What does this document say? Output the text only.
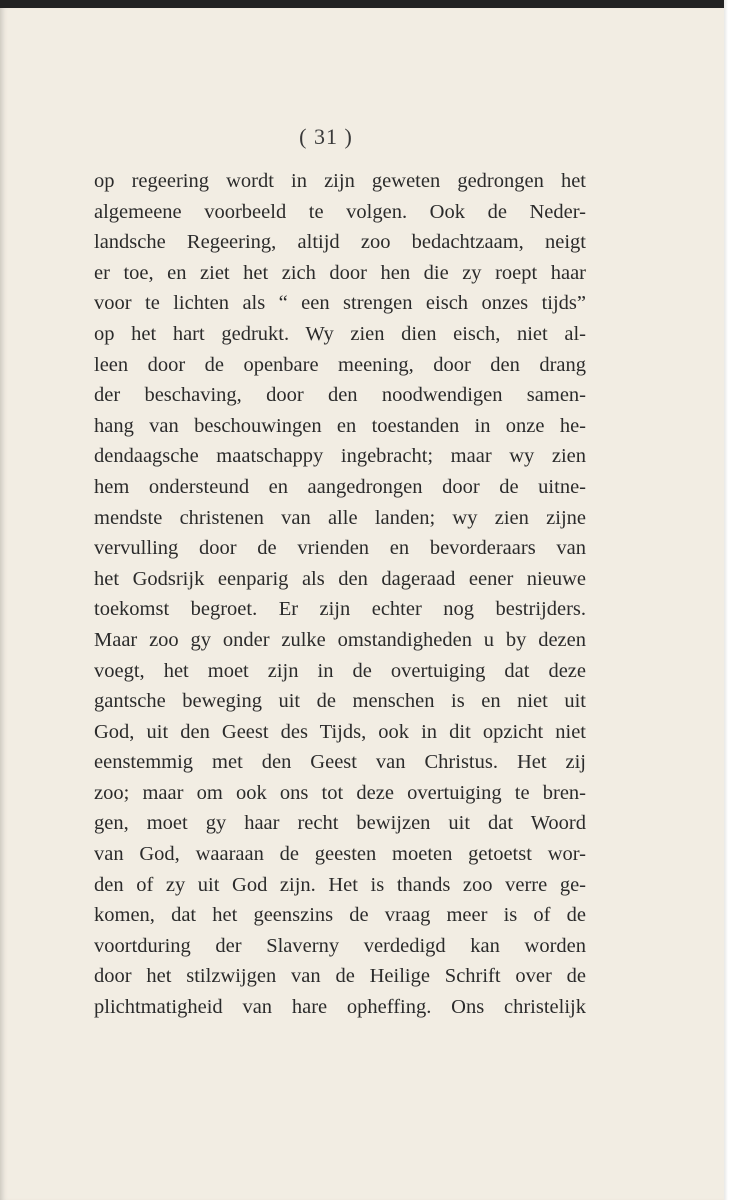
( 31 )
op regeering wordt in zijn geweten gedrongen het
algemeene voorbeeld te volgen. Ook de Neder-
landsche Regeering, altijd zoo bedachtzaam, neigt
er toe, en ziet het zich door hen die zy roept haar
voor te lichten als “ een strengen eisch onzes tijds”
op het hart gedrukt. Wy zien dien eisch, niet al-
leen door de openbare meening, door den drang
der beschaving, door den noodwendigen samen-
hang van beschouwingen en toestanden in onze he-
dendaagsche maatschappy ingebracht; maar wy zien
hem ondersteund en aangedrongen door de uitne-
mendste christenen van alle landen; wy zien zijne
vervulling door de vrienden en bevorderaars van
het Godsrijk eenparig als den dageraad eener nieuwe
toekomst begroet. Er zijn echter nog bestrijders.
Maar zoo gy onder zulke omstandigheden u by dezen
voegt, het moet zijn in de overtuiging dat deze
gantsche beweging uit de menschen is en niet uit
God, uit den Geest des Tijds, ook in dit opzicht niet
eenstemmig met den Geest van Christus. Het zij
zoo; maar om ook ons tot deze overtuiging te bren-
gen, moet gy haar recht bewijzen uit dat Woord
van God, waaraan de geesten moeten getoetst wor-
den of zy uit God zijn. Het is thands zoo verre ge-
komen, dat het geenszins de vraag meer is of de
voortduring der Slaverny verdedigd kan worden
door het stilzwijgen van de Heilige Schrift over de
plichtmatigheid van hare opheffing. Ons christelijk
